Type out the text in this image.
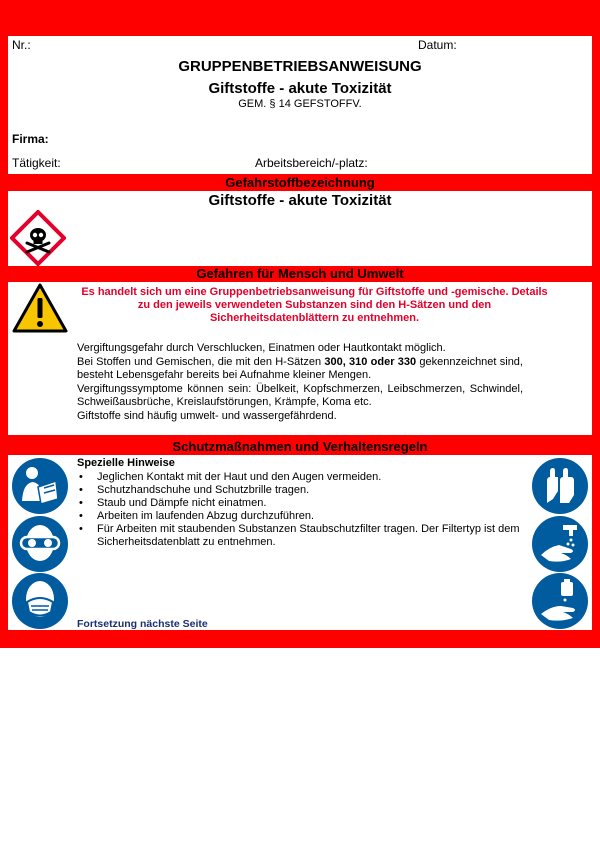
Nr.:	Datum:
GRUPPENBETRIEBSANWEISUNG
Giftstoffe - akute Toxizität
GEM. § 14 GEFSTOFFV.
Firma:
Tätigkeit:	Arbeitsbereich/-platz:
Gefahrstoffbezeichnung
Giftstoffe - akute Toxizität
Gefahren für Mensch und Umwelt
Es handelt sich um eine Gruppenbetriebsanweisung für Giftstoffe und -gemische. Details zu den jeweils verwendeten Substanzen sind den H-Sätzen und den Sicherheitsdatenblättern zu entnehmen.
Vergiftungsgefahr durch Verschlucken, Einatmen oder Hautkontakt möglich.
Bei Stoffen und Gemischen, die mit den H-Sätzen 300, 310 oder 330 gekennzeichnet sind, besteht Lebensgefahr bereits bei Aufnahme kleiner Mengen.
Vergiftungssymptome können sein: Übelkeit, Kopfschmerzen, Leibschmerzen, Schwindel, Schweißausbrüche, Kreislaufstörungen, Krämpfe, Koma etc.
Giftstoffe sind häufig umwelt- und wassergefährdend.
Schutzmaßnahmen und Verhaltensregeln
Spezielle Hinweise
• Jeglichen Kontakt mit der Haut und den Augen vermeiden.
• Schutzhandschuhe und Schutzbrille tragen.
• Staub und Dämpfe nicht einatmen.
• Arbeiten im laufenden Abzug durchzuführen.
• Für Arbeiten mit staubenden Substanzen Staubschutzfilter tragen. Der Filtertyp ist dem Sicherheitsdatenblatt zu entnehmen.
Fortsetzung nächste Seite
